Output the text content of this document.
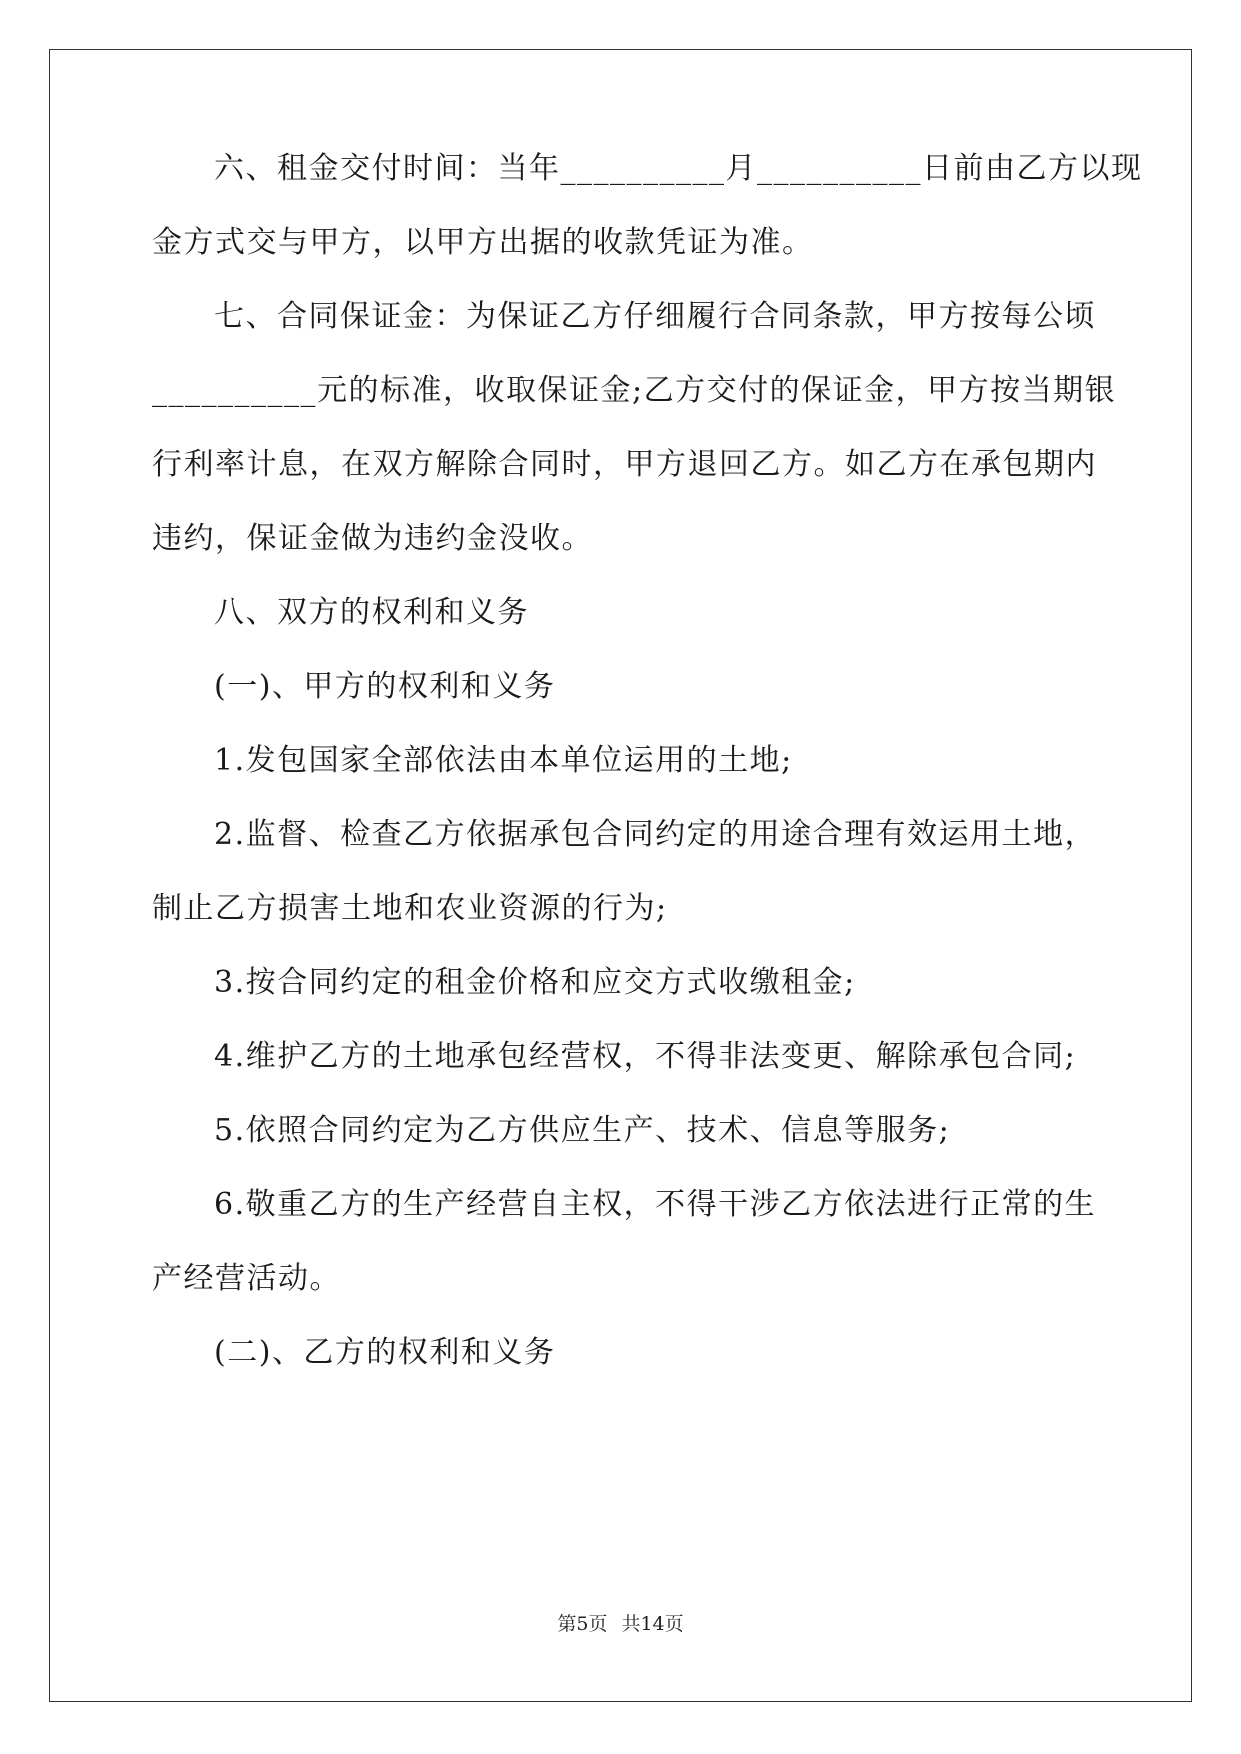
六、租金交付时间：当年__________月__________日前由乙方以现
金方式交与甲方，以甲方出据的收款凭证为准。
七、合同保证金：为保证乙方仔细履行合同条款，甲方按每公顷
__________元的标准，收取保证金;乙方交付的保证金，甲方按当期银
行利率计息，在双方解除合同时，甲方退回乙方。如乙方在承包期内
违约，保证金做为违约金没收。
八、双方的权利和义务
(一)、甲方的权利和义务
1.发包国家全部依法由本单位运用的土地;
2.监督、检查乙方依据承包合同约定的用途合理有效运用土地，
制止乙方损害土地和农业资源的行为;
3.按合同约定的租金价格和应交方式收缴租金;
4.维护乙方的土地承包经营权，不得非法变更、解除承包合同;
5.依照合同约定为乙方供应生产、技术、信息等服务;
6.敬重乙方的生产经营自主权，不得干涉乙方依法进行正常的生
产经营活动。
(二)、乙方的权利和义务
第5页 共14页
